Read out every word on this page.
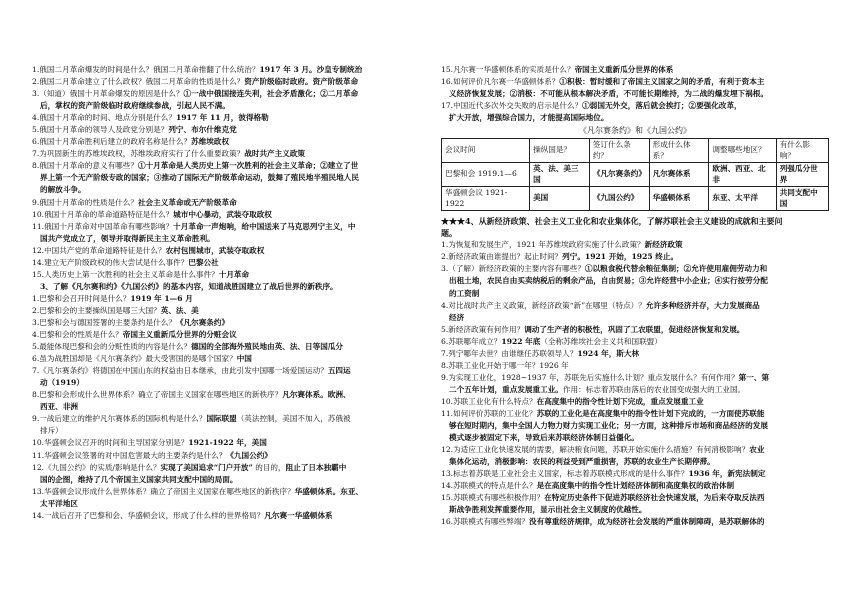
1.俄国二月革命爆发的时间是什么？俄国二月革命推翻了什么统治？1917 年 3 月。沙皇专制统治
2.俄国二月革命建立了什么政权？俄国二月革命的性质是什么？资产阶级临时政府。资产阶级革命
3.（知道）俄国十月革命爆发的原因是什么？①一战中俄国接连失利，社会矛盾激化；②二月革命
后，掌权的资产阶级临时政府继续参战，引起人民不满。
4.俄国十月革命的时间、地点分别是什么？1917 年 11 月，彼得格勒
5.俄国十月革命的领导人及政党分别是？列宁、布尔什维克党
6.俄国十月革命胜利后建立的政府名称是什么？苏维埃政权
7.为巩固新生的苏维埃政权，苏维埃政府实行了什么重要政策？战时共产主义政策
8.俄国十月革命的意义有哪些？①十月革命是人类历史上第一次胜利的社会主义革命；②建立了世
界上第一个无产阶级专政的国家；③推动了国际无产阶级革命运动，鼓舞了殖民地半殖民地人民
的解放斗争。
9.俄国十月革命的性质是什么？社会主义革命或无产阶级革命
10.俄国十月革命的革命道路特征是什么？城市中心暴动，武装夺取政权
11.俄国十月革命对中国革命有哪些影响？十月革命一声炮响，给中国送来了马克思列宁主义，中
国共产党成立了，领导并取得新民主主义革命胜利。
12.中国共产党的革命道路特征是什么？农村包围城市，武装夺取政权
14.建立无产阶级政权的伟大尝试是什么事件？巴黎公社
15.人类历史上第一次胜利的社会主义革命是什么事件？十月革命
3、了解《凡尔赛和约》《九国公约》的基本内容，知道战胜国建立了战后世界的新秩序。
1.巴黎和会召开时间是什么？1919 年 1—6 月
2.巴黎和会的主要操纵国是哪三大国？英、法、美
3.巴黎和会与德国签署的主要条约是什么？《凡尔赛条约》
4.巴黎和会的性质是什么？帝国主义重新瓜分世界的分赃会议
5.最能体现巴黎和会的分赃性质的内容是什么？德国的全部海外殖民地由英、法、日等国瓜分
6.虽为战胜国却是《凡尔赛条约》最大受害国的是哪个国家？中国
7.《凡尔赛条约》将德国在中国山东的权益由日本继承，由此引发中国哪一场爱国运动？五四运
动（1919）
8.巴黎和会形成什么世界体系？确立了帝国主义国家在哪些地区的新秩序？凡尔赛体系。欧洲、
西亚、非洲
9.一战后建立的维护凡尔赛体系的国际机构是什么？国际联盟（英法控制，美国不加入，苏俄被
排斥）
10.华盛顿会议召开的时间和主导国家分别是？1921-1922 年，美国
11.华盛顿会议签署的对中国危害最大的主要条约是什么？《九国公约》
12.《九国公约》的实质/影响是什么？实现了美国追求“门户开放” 的目的，阻止了日本独霸中
国的企图，维持了几个帝国主义国家共同支配中国的局面。
13.华盛顿会议形成什么世界体系？确立了帝国主义国家在哪些地区的新秩序？华盛顿体系。东亚、
太平洋地区
14.一战后召开了巴黎和会、华盛顿会议，形成了什么样的世界格局？凡尔赛一华盛顿体系
15.凡尔赛一华盛顿体系的实质是什么？帝国主义重新瓜分世界的体系
16.如何评价凡尔赛一华盛顿体系？①积极：暂时缓和了帝国主义国家之间的矛盾，有利于资本主
义经济恢复发展；②消极：不可能从根本解决矛盾，不可能长期维持，为二战的爆发埋下祸根。
17.中国近代多次外交失败的启示是什么？①弱国无外交，落后就会挨打；②要强化改革，
扩大开放，增强综合国力，才能提高国际地位。
《凡尔赛条约》和《九国公约》
会议时间	操纵国是？	签订什么条约？	形成什么体系？	调整哪些地区？	有什么影响？
巴黎和会 1919.1—6	英、法、美三国	《凡尔赛条约》	凡尔赛体系	欧洲、西亚、北非	列强瓜分世界
华盛顿会议 1921-1922	美国	《九国公约》	华盛顿体系	东亚、太平洋	共同支配中国
★★★4、从新经济政策、社会主义工业化和农业集体化，了解苏联社会主义建设的成就和主要问
题。
1.为恢复和发展生产，1921 年苏维埃政府实施了什么政策？新经济政策
2.新经济政策由谁提出？起止时间？列宁。1921 开始，1925 终止。
3.（了解）新经济政策的主要内容有哪些？①以粮食税代替余粮征集制；②允许使用雇佣劳动力和
出租土地，农民自由买卖纳税后的剩余产品，自由贸易；③允许经营中小企业；④实行按劳分配
的工资制
4.对比战时共产主义政策，新经济政策“新”在哪里（特点）？允许多种经济并存，大力发展商品
经济
5.新经济政策有何作用？调动了生产者的积极性，巩固了工农联盟，促进经济恢复和发展。
6.苏联哪年成立？1922 年底（全称苏维埃社会主义共和国联盟）
7.列宁哪年去世？由谁继任苏联领导人？1924 年，斯大林
8.苏联工业化开始于哪一年？1926 年
9.为实现工业化，1928~1937 年，苏联先后实施什么计划？重点发展什么？有何作用？第一、第
二个五年计划，重点发展重工业。作用：标志着苏联由落后的农业国变成强大的工业国。
10.苏联工业化有什么特点？在高度集中的指令性计划下完成，重点发展重工业
11.如何评价苏联的工业化？苏联的工业化是在高度集中的指令性计划下完成的，一方面使苏联能
够在短时期内，集中全国人力物力财力实现工业化；另一方面，这种排斥市场和商品经济的发展
模式逐步被固定下来，导致后来苏联经济体制日益僵化。
12.为适应工业化快速发展的需要，解决粮食问题，苏联开始实施什么措施？有何消极影响？农业
集体化运动，消极影响：农民的利益受到严重损害，苏联的农业生产长期停滞。
13.标志着苏联是工业社会主义国家，标志着苏联模式形成的是什么事件？1936 年，新宪法制定
14.苏联模式的特点是什么？是在高度集中的指令性计划经济体制和高度集权的政治体制
15.苏联模式有哪些积极作用？在特定历史条件下促进苏联经济社会快速发展，为后来夺取反法西
斯战争胜利发挥重要作用，显示出社会主义制度的优越性。
16.苏联模式有哪些弊端？没有尊重经济规律，成为经济社会发展的严重体制障碍，是苏联解体的
